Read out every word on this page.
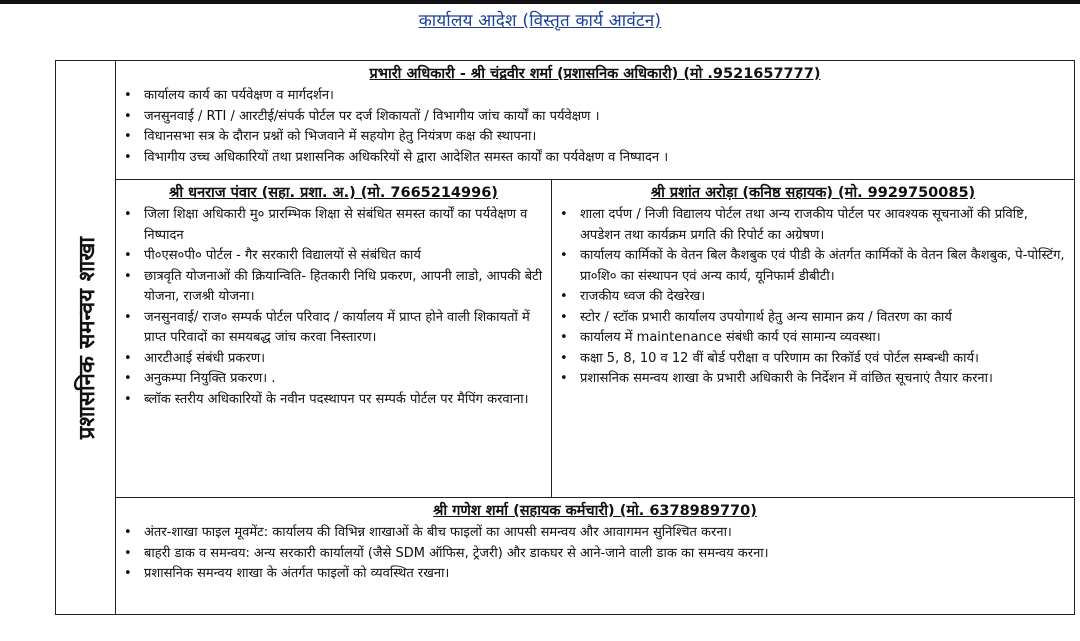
कार्यालय आदेश (विस्तृत कार्य आवंटन)
प्रशासनिक समन्वय शाखा
प्रभारी अधिकारी - श्री चंद्रवीर शर्मा (प्रशासनिक अधिकारी) (मो .9521657777)
• कार्यालय कार्य का पर्यवेक्षण व मार्गदर्शन।
• जनसुनवाई / RTI / आरटीई/संपर्क पोर्टल पर दर्ज शिकायतों / विभागीय जांच कार्यों का पर्यवेक्षण ।
• विधानसभा सत्र के दौरान प्रश्नों को भिजवाने में सहयोग हेतु नियंत्रण कक्ष की स्थापना।
• विभागीय उच्च अधिकारियों तथा प्रशासनिक अधिकरियों से द्वारा आदेशित समस्त कार्यों का पर्यवेक्षण व निष्पादन ।
श्री धनराज पंवार (सहा. प्रशा. अ.) (मो. 7665214996)
• जिला शिक्षा अधिकारी मु० प्रारम्भिक शिक्षा से संबंधित समस्त कार्यों का पर्यवेक्षण व निष्पादन
• पी०एस०पी० पोर्टल - गैर सरकारी विद्यालयों से संबंधित कार्य
• छात्रवृति योजनाओं की क्रियान्विति- हितकारी निधि प्रकरण, आपनी लाडो, आपकी बेटी योजना, राजश्री योजना।
• जनसुनवाई/ राज० सम्पर्क पोर्टल परिवाद / कार्यालय में प्राप्त होने वाली शिकायतों में प्राप्त परिवादों का समयबद्ध जांच करवा निस्तारण।
• आरटीआई संबंधी प्रकरण।
• अनुकम्पा नियुक्ति प्रकरण। .
• ब्लॉक स्तरीय अधिकारियों के नवीन पदस्थापन पर सम्पर्क पोर्टल पर मैपिंग करवाना।
श्री प्रशांत अरोड़ा (कनिष्ठ सहायक) (मो. 9929750085)
• शाला दर्पण / निजी विद्यालय पोर्टल तथा अन्य राजकीय पोर्टल पर आवश्यक सूचनाओं की प्रविष्टि, अपडेशन तथा कार्यक्रम प्रगति की रिपोर्ट का अग्रेषण।
• कार्यालय कार्मिकों के वेतन बिल कैशबुक एवं पीडी के अंतर्गत कार्मिकों के वेतन बिल कैशबुक, पे-पोस्टिंग, प्रा०शि० का संस्थापन एवं अन्य कार्य, यूनिफार्म डीबीटी।
• राजकीय ध्वज की देखरेख।
• स्टोर / स्टॉक प्रभारी कार्यालय उपयोगार्थ हेतु अन्य सामान क्रय / वितरण का कार्य
• कार्यालय में maintenance संबंधी कार्य एवं सामान्य व्यवस्था।
• कक्षा 5, 8, 10 व 12 वीं बोर्ड परीक्षा व परिणाम का रिकॉर्ड एवं पोर्टल सम्बन्धी कार्य।
• प्रशासनिक समन्वय शाखा के प्रभारी अधिकारी के निर्देशन में वांछित सूचनाएं तैयार करना।
श्री गणेश शर्मा (सहायक कर्मचारी) (मो. 6378989770)
• अंतर-शाखा फाइल मूवमेंट: कार्यालय की विभिन्न शाखाओं के बीच फाइलों का आपसी समन्वय और आवागमन सुनिश्चित करना।
• बाहरी डाक व समन्वय: अन्य सरकारी कार्यालयों (जैसे SDM ऑफिस, ट्रेजरी) और डाकघर से आने-जाने वाली डाक का समन्वय करना।
• प्रशासनिक समन्वय शाखा के अंतर्गत फाइलों को व्यवस्थित रखना।
